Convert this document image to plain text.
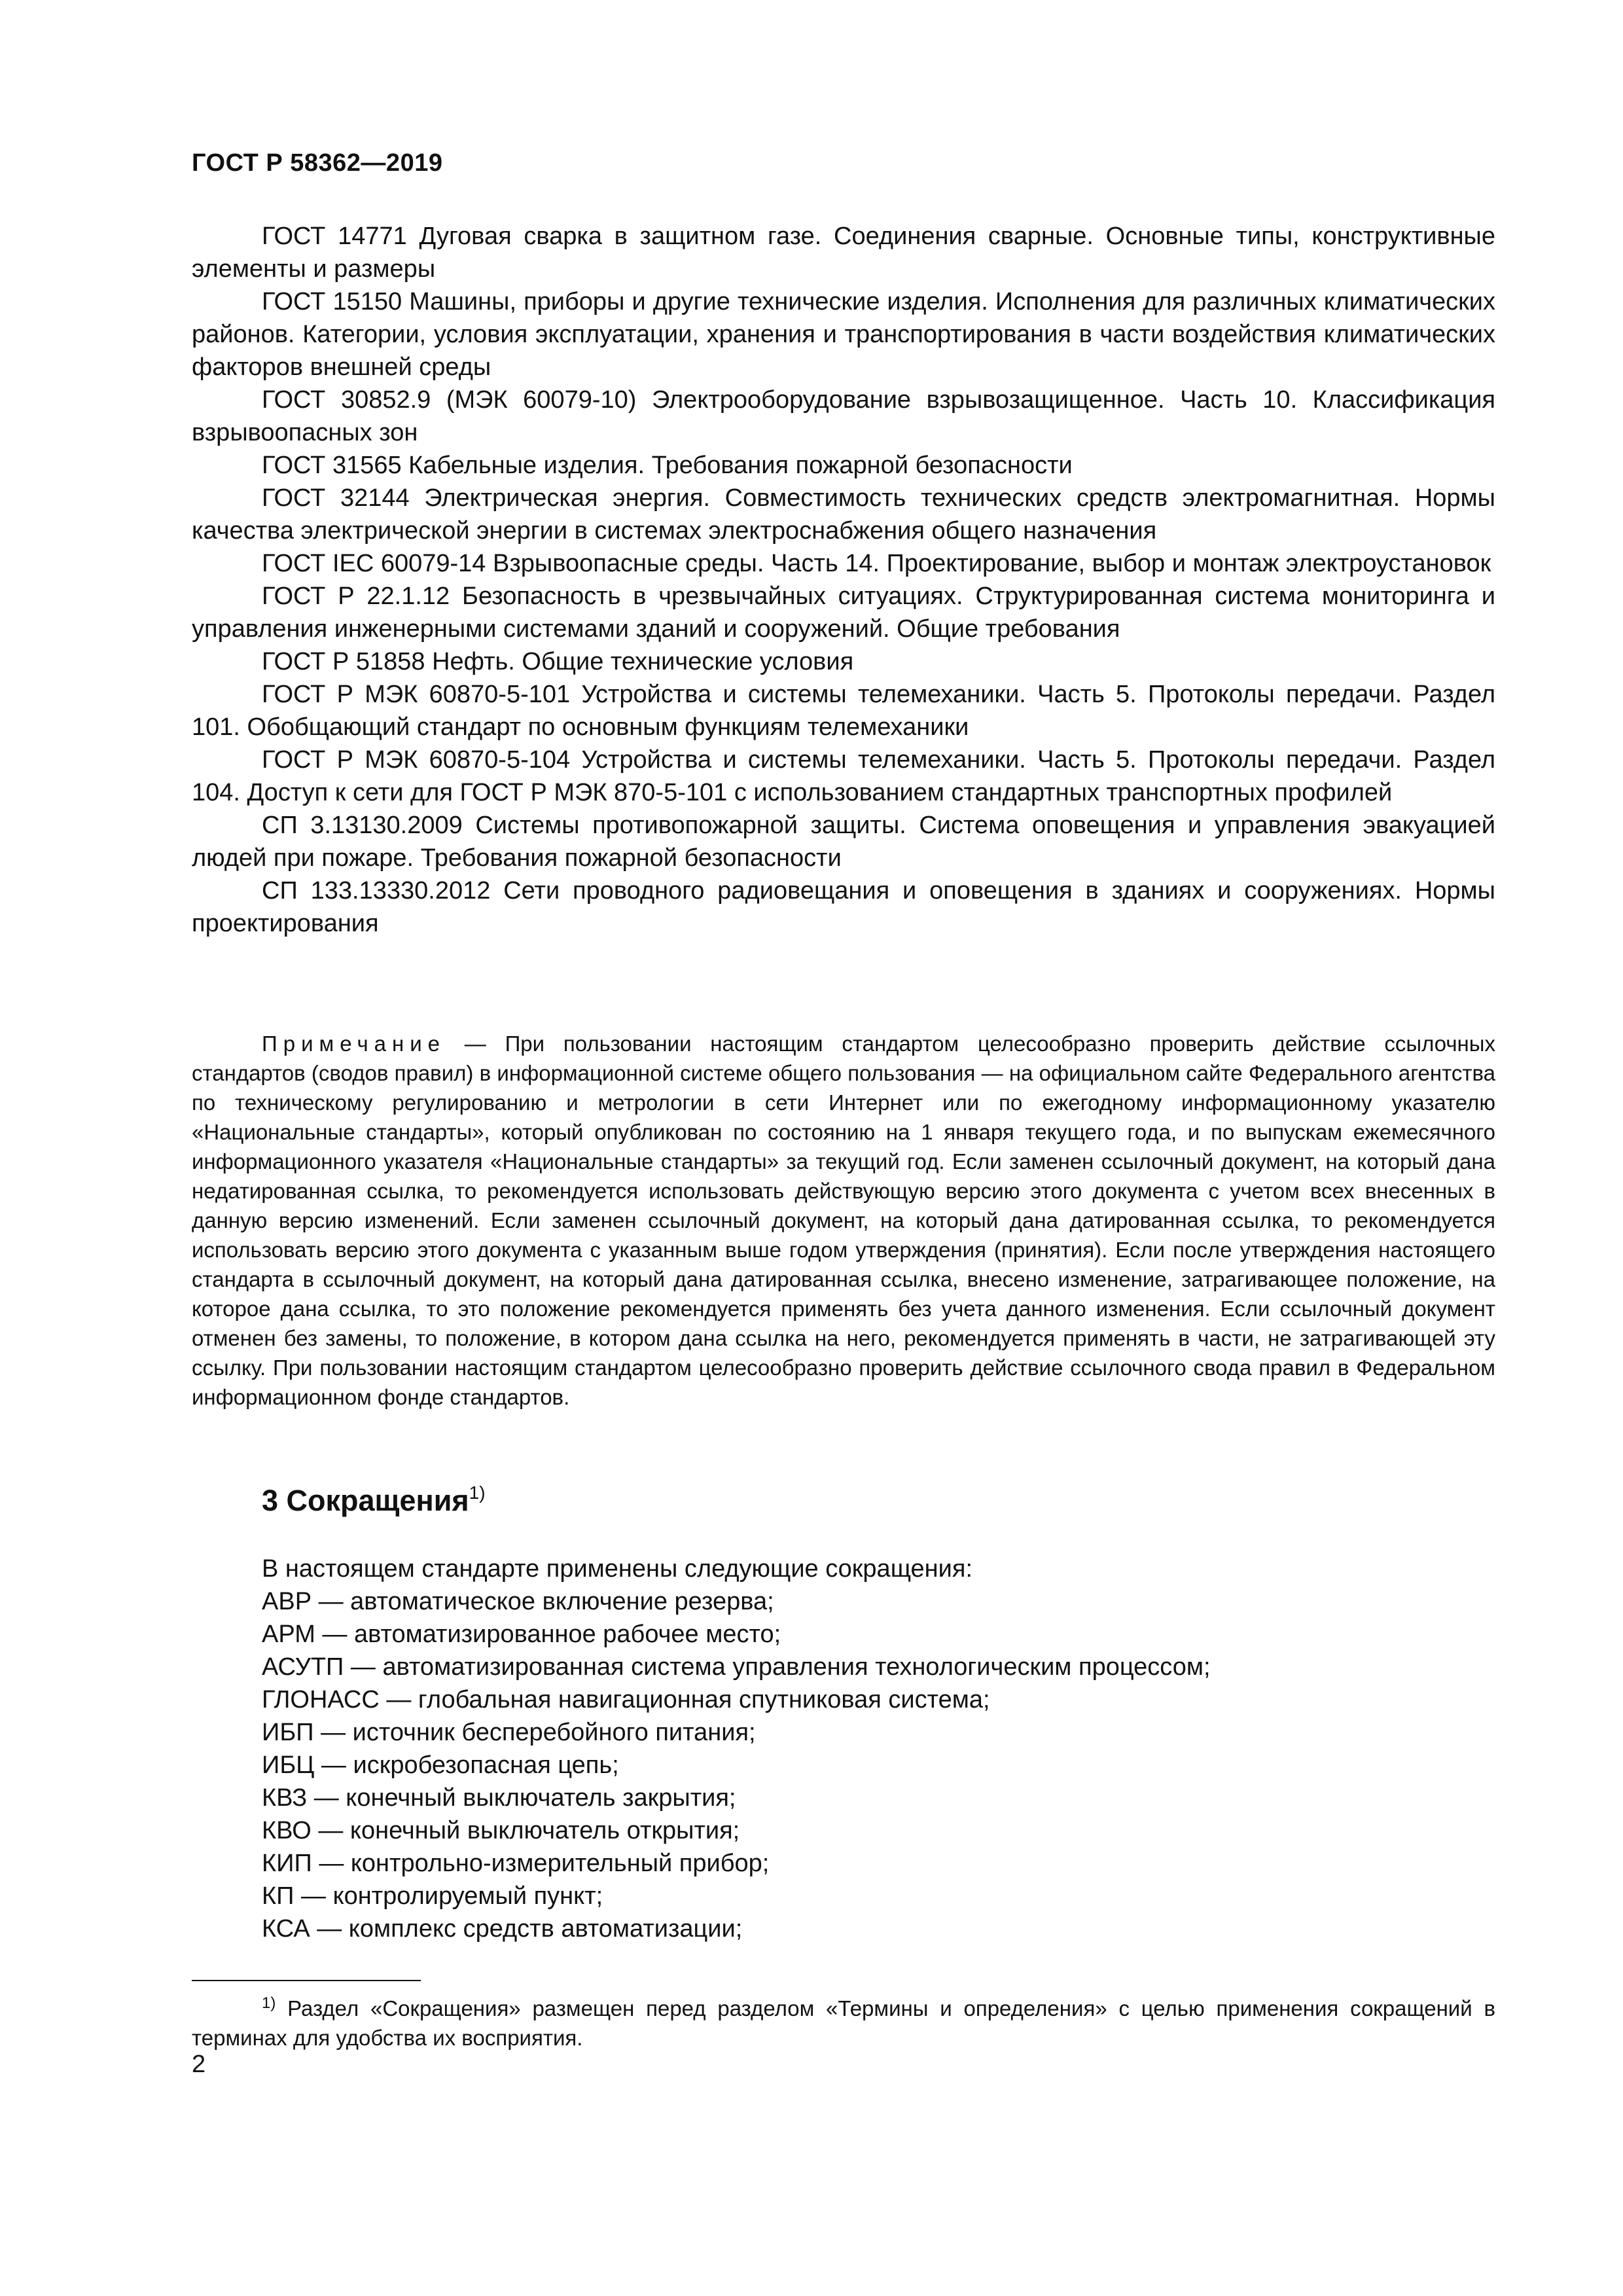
ГОСТ Р 58362—2019
ГОСТ 14771 Дуговая сварка в защитном газе. Соединения сварные. Основные типы, конструктивные элементы и размеры
ГОСТ 15150 Машины, приборы и другие технические изделия. Исполнения для различных климатических районов. Категории, условия эксплуатации, хранения и транспортирования в части воздействия климатических факторов внешней среды
ГОСТ 30852.9 (МЭК 60079-10) Электрооборудование взрывозащищенное. Часть 10. Классификация взрывоопасных зон
ГОСТ 31565 Кабельные изделия. Требования пожарной безопасности
ГОСТ 32144 Электрическая энергия. Совместимость технических средств электромагнитная. Нормы качества электрической энергии в системах электроснабжения общего назначения
ГОСТ IEC 60079-14 Взрывоопасные среды. Часть 14. Проектирование, выбор и монтаж электроустановок
ГОСТ Р 22.1.12 Безопасность в чрезвычайных ситуациях. Структурированная система мониторинга и управления инженерными системами зданий и сооружений. Общие требования
ГОСТ Р 51858 Нефть. Общие технические условия
ГОСТ Р МЭК 60870-5-101 Устройства и системы телемеханики. Часть 5. Протоколы передачи. Раздел 101. Обобщающий стандарт по основным функциям телемеханики
ГОСТ Р МЭК 60870-5-104 Устройства и системы телемеханики. Часть 5. Протоколы передачи. Раздел 104. Доступ к сети для ГОСТ Р МЭК 870-5-101 с использованием стандартных транспортных профилей
СП 3.13130.2009 Системы противопожарной защиты. Система оповещения и управления эвакуацией людей при пожаре. Требования пожарной безопасности
СП 133.13330.2012 Сети проводного радиовещания и оповещения в зданиях и сооружениях. Нормы проектирования

Примечание — При пользовании настоящим стандартом целесообразно проверить действие ссылочных стандартов (сводов правил) в информационной системе общего пользования — на официальном сайте Федерального агентства по техническому регулированию и метрологии в сети Интернет или по ежегодному информационному указателю «Национальные стандарты», который опубликован по состоянию на 1 января текущего года, и по выпускам ежемесячного информационного указателя «Национальные стандарты» за текущий год. Если заменен ссылочный документ, на который дана недатированная ссылка, то рекомендуется использовать действующую версию этого документа с учетом всех внесенных в данную версию изменений. Если заменен ссылочный документ, на который дана датированная ссылка, то рекомендуется использовать версию этого документа с указанным выше годом утверждения (принятия). Если после утверждения настоящего стандарта в ссылочный документ, на который дана датированная ссылка, внесено изменение, затрагивающее положение, на которое дана ссылка, то это положение рекомендуется применять без учета данного изменения. Если ссылочный документ отменен без замены, то положение, в котором дана ссылка на него, рекомендуется применять в части, не затрагивающей эту ссылку. При пользовании настоящим стандартом целесообразно проверить действие ссылочного свода правил в Федеральном информационном фонде стандартов.

3 Сокращения$^{1)}$

В настоящем стандарте применены следующие сокращения:

АВР — автоматическое включение резерва;
АРМ — автоматизированное рабочее место;
АСУТП — автоматизированная система управления технологическим процессом;
ГЛОНАСС — глобальная навигационная спутниковая система;
ИБП — источник бесперебойного питания;
ИБЦ — искробезопасная цепь;
КВЗ — конечный выключатель закрытия;
КВО — конечный выключатель открытия;
КИП — контрольно-измерительный прибор;
КП — контролируемый пункт;
КСА — комплекс средств автоматизации;

$^{1)}$ Раздел «Сокращения» размещен перед разделом «Термины и определения» с целью применения сокращений в терминах для удобства их восприятия.

2
